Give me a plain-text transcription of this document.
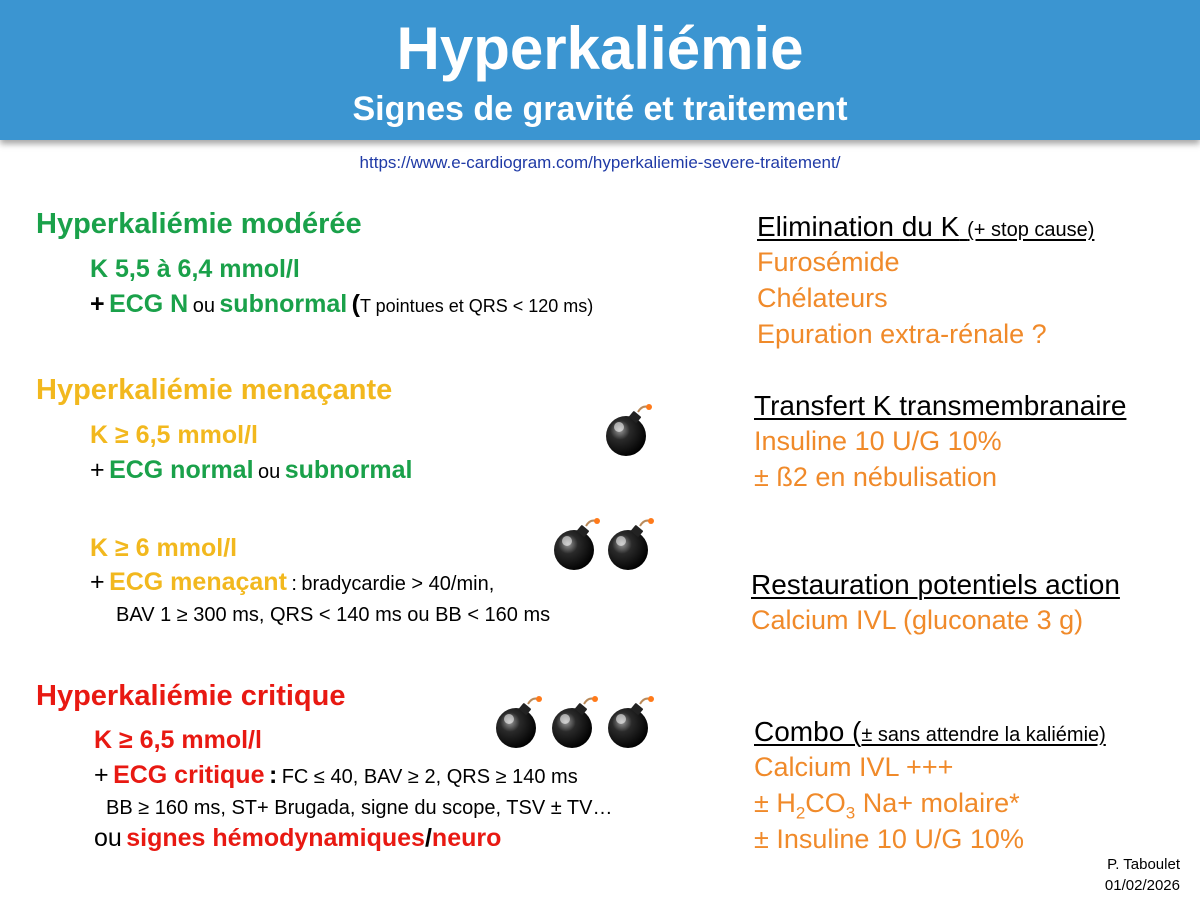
Hyperkaliémie
Signes de gravité et traitement
https://www.e-cardiogram.com/hyperkaliemie-severe-traitement/
Hyperkaliémie modérée
K 5,5 à 6,4 mmol/l
+ ECG N ou subnormal (T pointues et QRS < 120 ms)
Hyperkaliémie menaçante
K ≥ 6,5 mmol/l
+ ECG normal ou subnormal
K ≥ 6 mmol/l
+ ECG menaçant : bradycardie > 40/min,
BAV 1 ≥ 300 ms, QRS < 140 ms ou BB < 160 ms
Hyperkaliémie critique
K ≥ 6,5 mmol/l
+ ECG critique : FC ≤ 40, BAV ≥ 2, QRS ≥ 140 ms
BB ≥ 160 ms, ST+ Brugada, signe du scope, TSV ± TV…
ou signes hémodynamiques/neuro
Elimination du K (+ stop cause)
Furosémide
Chélateurs
Epuration extra-rénale ?
Transfert K transmembranaire
Insuline 10 U/G 10%
± ß2 en nébulisation
Restauration potentiels action
Calcium IVL (gluconate 3 g)
Combo (± sans attendre la kaliémie)
Calcium IVL +++
± $H_2CO_3$ Na+ molaire*
± Insuline 10 U/G 10%
P. Taboulet
01/02/2026
